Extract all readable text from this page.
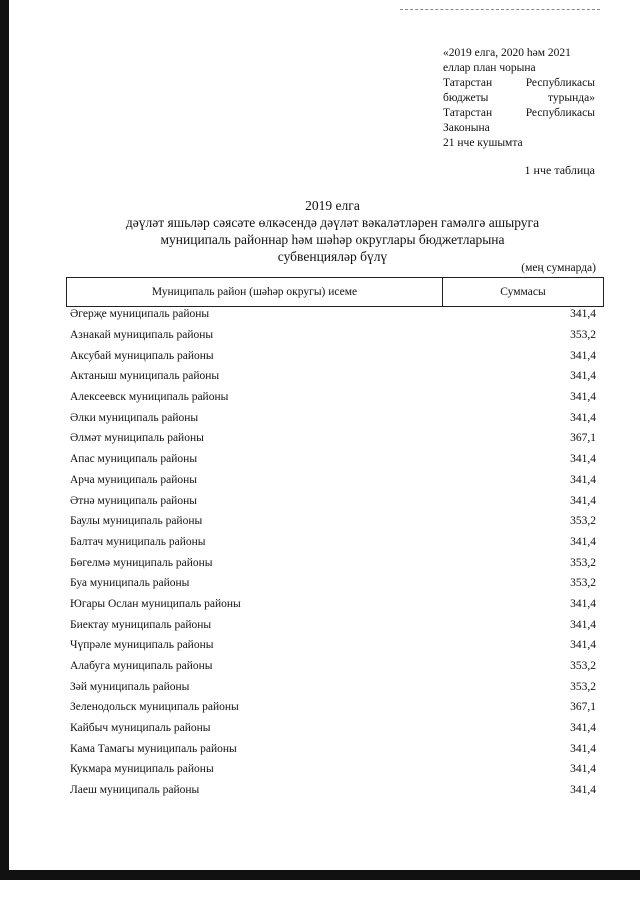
«2019 елга, 2020 һәм 2021
еллар план чорына
Татарстан	Республикасы
бюджеты	турында»
Татарстан	Республикасы
Законына
21 нче кушымта
1 нче таблица
2019 елга
дәүләт яшьләр сәясәте өлкәсендә дәүләт вәкаләтләрен гамәлгә ашыруга
муниципаль районнар һәм шәһәр округлары бюджетларына
субвенцияләр бүлү
(мең сумнарда)
Муниципаль район (шәһәр округы) исеме	Суммасы
Әгерҗе муниципаль районы	341,4
Азнакай муниципаль районы	353,2
Аксубай муниципаль районы	341,4
Актаныш муниципаль районы	341,4
Алексеевск муниципаль районы	341,4
Әлки муниципаль районы	341,4
Әлмәт муниципаль районы	367,1
Апас муниципаль районы	341,4
Арча муниципаль районы	341,4
Әтнә муниципаль районы	341,4
Баулы муниципаль районы	353,2
Балтач муниципаль районы	341,4
Бөгелмә муниципаль районы	353,2
Буа муниципаль районы	353,2
Югары Ослан муниципаль районы	341,4
Биектау муниципаль районы	341,4
Чүпрәле муниципаль районы	341,4
Алабуга муниципаль районы	353,2
Зәй муниципаль районы	353,2
Зеленодольск муниципаль районы	367,1
Кайбыч муниципаль районы	341,4
Кама Тамагы муниципаль районы	341,4
Кукмара муниципаль районы	341,4
Лаеш муниципаль районы	341,4
